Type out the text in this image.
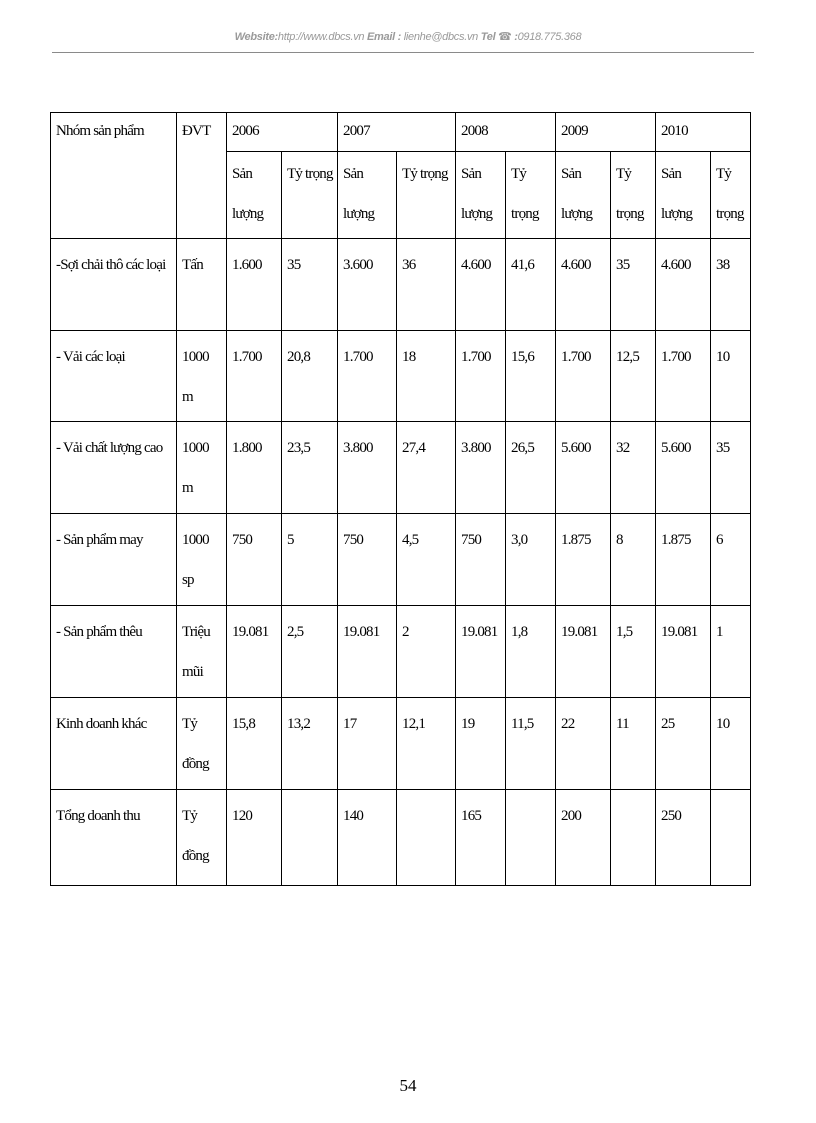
Website:http://www.dbcs.vn Email : lienhe@dbcs.vn Tel ☎ :0918.775.368
Nhóm sản phẩm	ĐVT	2006		2007		2008		2009		2010	
		Sản lượng	Tỷ trọng	Sản lượng	Tỷ trọng	Sản lượng	Tỷ trọng	Sản lượng	Tỷ trọng	Sản lượng	Tỷ trọng
-Sợi chải thô các loại	Tấn	1.600	35	3.600	36	4.600	41,6	4.600	35	4.600	38
- Vải các loại	1000 m	1.700	20,8	1.700	18	1.700	15,6	1.700	12,5	1.700	10
- Vải chất lượng cao	1000 m	1.800	23,5	3.800	27,4	3.800	26,5	5.600	32	5.600	35
- Sản phẩm may	1000 sp	750	5	750	4,5	750	3,0	1.875	8	1.875	6
- Sản phẩm thêu	Triệu mũi	19.081	2,5	19.081	2	19.081	1,8	19.081	1,5	19.081	1
Kinh doanh khác	Tỷ đồng	15,8	13,2	17	12,1	19	11,5	22	11	25	10
Tổng doanh thu	Tỷ đồng	120		140		165		200		250	
54
